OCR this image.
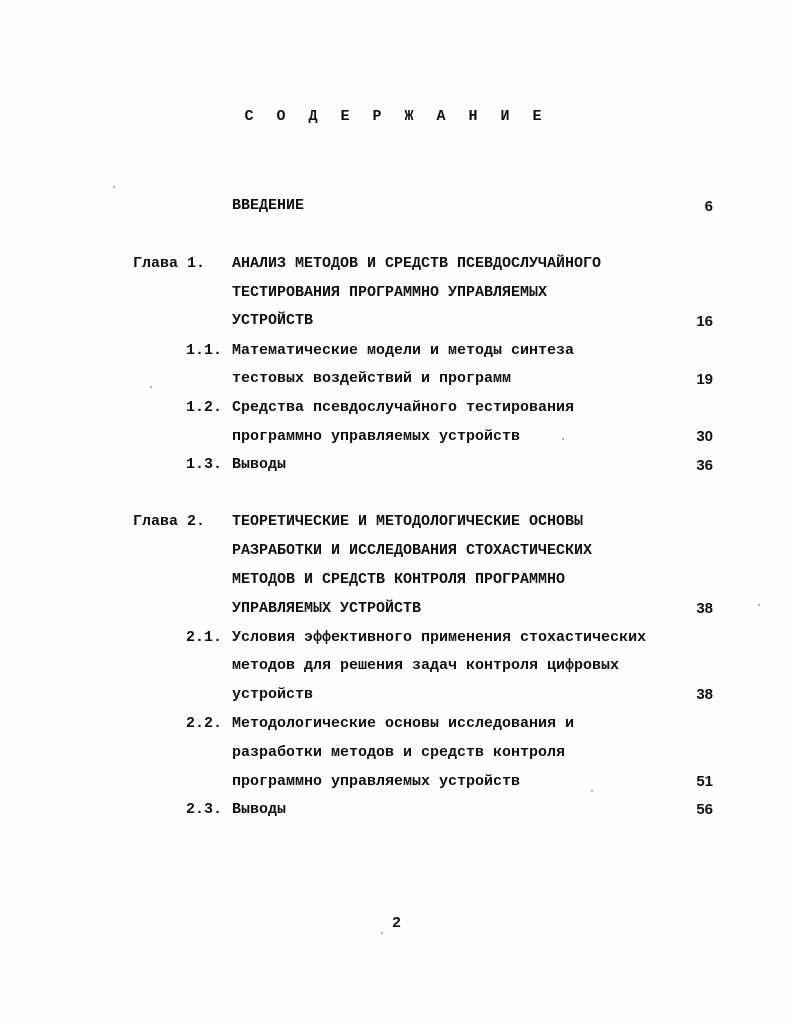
С О Д Е Р Ж А Н И Е
ВВЕДЕНИЕ	6
Глава 1. АНАЛИЗ МЕТОДОВ И СРЕДСТВ ПСЕВДОСЛУЧАЙНОГО
ТЕСТИРОВАНИЯ ПРОГРАММНО УПРАВЛЯЕМЫХ
УСТРОЙСТВ	16
1.1. Математические модели и методы синтеза
тестовых воздействий и программ	19
1.2. Средства псевдослучайного тестирования
программно управляемых устройств	30
1.3. Выводы	36
Глава 2. ТЕОРЕТИЧЕСКИЕ И МЕТОДОЛОГИЧЕСКИЕ ОСНОВЫ
РАЗРАБОТКИ И ИССЛЕДОВАНИЯ СТОХАСТИЧЕСКИХ
МЕТОДОВ И СРЕДСТВ КОНТРОЛЯ ПРОГРАММНО
УПРАВЛЯЕМЫХ УСТРОЙСТВ	38
2.1. Условия эффективного применения стохастических
методов для решения задач контроля цифровых
устройств	38
2.2. Методологические основы исследования и
разработки методов и средств контроля
программно управляемых устройств	51
2.3. Выводы	56
2
